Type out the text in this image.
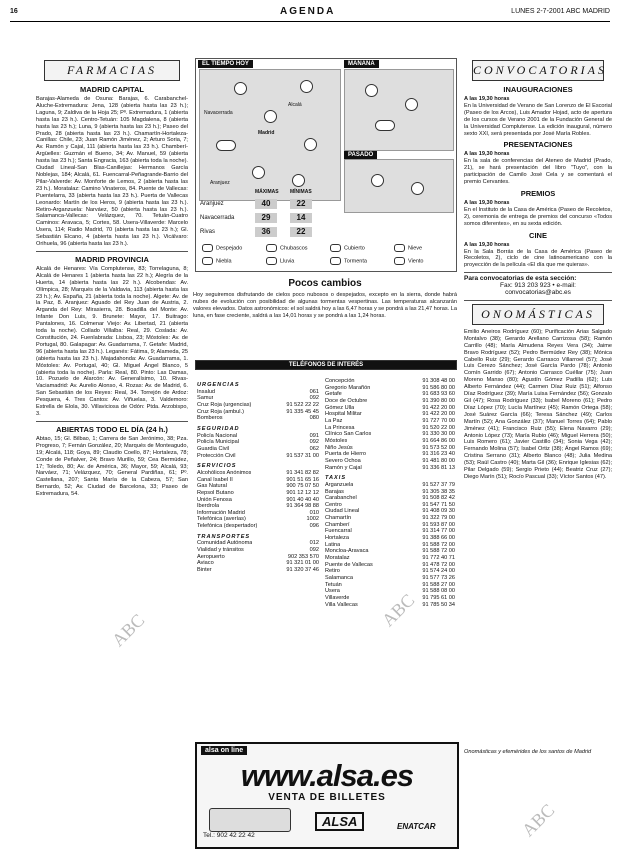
16	AGENDA	LUNES 2-7-2001 ABC MADRID
ABC	ABC
ABC
FARMACIAS
MADRID CAPITAL
Barajas-Alameda de Osuna: Barajas, 6. Carabanchel-Aluche-Extremadura: Jena, 128 (abierta hasta las 23 h.); Laguna, 9; Zaldiva de la Hoja 25; Pº. Extremadura, 1 (abierta hasta las 23 h.). Centro-Tetuán: 105 Magdalena, 8 (abierta hasta las 23 h.); Luna, 9 (abierta hasta las 23 h.); Paseo del Prado, 28 (abierta hasta las 23 h.). Chamartín-Hortaleza-Canillas: Chile, 23; Juan Ramón Jiménez, 2; Arturo Soria, 7; Av. Ramón y Cajal, 111 (abierta hasta las 23 h.). Chamberí-Argüelles: Guzmán el Bueno, 34; Av. Manuel, 59 (abierta hasta las 23 h.); Santa Engracia, 163 (abierta toda la noche). Ciudad Lineal-San Blas-Canillejas: Hermanos García Noblejas, 184; Alcalá, 61. Fuencarral-Peñagrande-Barrio del Pilar-Valverde: Av. Monforte de Lemos, 2 (abierta hasta las 23 h.). Moratalaz: Camino Vinateros, 84. Puente de Vallecas: Puentelarra, 33 (abierta hasta las 23 h.). Puerta de Vallecas Leonardo: Martín de los Heros, 9 (abierta hasta las 23 h.). Retiro-Arganzuela: Narváez, 50 (abierta hasta las 23 h.). Salamanca-Vallecas: Velázquez, 70. Tetuán-Cuatro Caminos: Aravaca, 5; Cortes, 58. Usera-Villaverde: Marcelo Usera, 114; Radio Madrid, 70 (abierta hasta las 23 h.); Gl. Sebastián Elcano, 4 (abierta hasta las 23 h.). Vicálvaro: Orihuela, 96 (abierta hasta las 23 h.).
MADRID PROVINCIA
Alcalá de Henares: Vía Complutense, 83; Torrelaguna, 8; Alcalá de Henares 1 (abierta hasta las 22 h.); Alegría de la Huerta, 14 (abierta hasta las 22 h.). Alcobendas: Av. Olímpica, 28; Marqués de la Valdavia, 113 (abierta hasta las 23 h.); Av. España, 21 (abierta toda la noche). Algete: Av. de la Paz, 8. Aranjuez: Aguado del Rey Juan de Austria, 2. Arganda del Rey: Mirasierra, 28. Boadilla del Monte: Av. Infante Don Luis, 9. Brunete: Mayor, 17. Buitrago: Pantalones, 16. Colmenar Viejo: Av. Libertad, 21 (abierta toda la noche). Collado Villalba: Real, 29. Coslada: Av. Constitución, 24. Fuenlabrada: Lisboa, 23; Móstoles: Av. de Portugal, 80. Galapagar: Av. Guadarrama, 7. Getafe: Madrid, 96 (abierta hasta las 23 h.). Leganés: Fátima, 9; Alameda, 25 (abierta hasta las 23 h.). Majadahonda: Av. Guadarrama, 1. Móstoles: Av. Portugal, 40; Gl. Miguel Ángel Blanco, 5 (abierta toda la noche). Parla: Real, 80. Pinto: Las Damas, 10. Pozuelo de Alarcón: Av. Generalísimo, 10. Rivas-Vaciamadrid: Av. Aurelio Alonso, 4. Rozas: Av. de Madrid, 6. San Sebastián de los Reyes: Real, 34. Torrejón de Ardoz: Pesquera, 4. Tres Cantos: Av. Viñuelas, 3. Valdemoro: Estrella de Elola, 30. Villaviciosa de Odón: Ptda. Arzobispo, 3.
ABIERTAS TODO EL DÍA (24 h.)
Abtao, 15; Gl. Bilbao, 1; Carrera de San Jerónimo, 38; Pza. Progreso, 7; Fernán González, 20; Marqués de Monteagudo, 19; Alcalá, 118; Goya, 89; Claudio Coello, 87; Hortaleza, 78; Conde de Peñalver, 24; Bravo Murillo, 59; Cea Bermúdez, 17; Toledo, 80; Av. de América, 36; Mayor, 59; Alcalá, 93; Narváez, 71; Velázquez, 70; General Pardiñas, 61; Pº. Castellana, 207; Santa María de la Cabeza, 57; San Bernardo, 52; Av. Ciudad de Barcelona, 33; Paseo de Extremadura, 54.
Madrid
Navacerrada
Aranjuez
Alcalá
EL TIEMPO HOY	MAÑANA
PASADO
MÁXIMAS MÍNIMAS
Aranjuez	40	22
Navacerrada	29	14
Rivas	36	22
Despejado	Chubascos	Cubierto	Nieve
Niebla	Lluvia	Tormenta	Viento
Pocos cambios
Hoy seguiremos disfrutando de cielos poco nubosos o despejados, excepto en la sierra, donde habrá nubes de evolución con posibilidad de algunas tormentas vespertinas. Las temperaturas alcanzarán valores elevados. Datos astronómicos: el sol saldrá hoy a las 6,47 horas y se pondrá a las 21,47 horas. La luna, en fase creciente, saldrá a las 14,01 horas y se pondrá a las 1,24 horas.
TELÉFONOS DE INTERÉS
URGENCIAS
Insalud	061
Samur	092
Cruz Roja (urgencias)	91 522 22 22
Cruz Roja (ambul.)	91 335 45 45
Bomberos	080
SEGURIDAD
Policía Nacional	091
Policía Municipal	092
Guardia Civil	062
Protección Civil	91 537 31 00
SERVICIOS
Alcohólicos Anónimos	91 341 82 82
Canal Isabel II	901 51 65 16
Gas Natural	900 75 07 50
Repsol Butano	901 12 12 12
Unión Fenosa	901 40 40 40
Iberdrola	91 364 98 88
Información Madrid	010
Telefónica (averías)	1002
Telefónica (despertador)	096
TRANSPORTES
Comunidad Autónoma	012
Vialidad y tránsitos	092
Aeropuerto	902 353 570
Aviaco	91 321 01 00
Binter	91 320 37 46
Concepción	91 308 48 00
Gregorio Marañón	91 586 80 00
Getafe	91 683 93 60
Doce de Octubre	91 390 80 00
Gómez Ulla	91 422 20 00
Hospital Militar	91 422 20 00
La Paz	91 727 70 00
La Princesa	91 520 22 00
Clínico San Carlos	91 330 30 00
Móstoles	91 664 86 00
Niño Jesús	91 573 52 00
Puerta de Hierro	91 316 23 40
Severo Ochoa	91 481 80 00
Ramón y Cajal	91 336 81 13
TAXIS
Arganzuela	91 527 37 79
Barajas	91 305 38 35
Carabanchel	91 508 82 42
Centro	91 547 71 50
Ciudad Lineal	91 408 09 30
Chamartín	91 322 79 00
Chamberí	91 593 87 00
Fuencarral	91 314 77 00
Hortaleza	91 388 66 00
Latina	91 588 72 00
Moncloa-Aravaca	91 588 72 00
Moratalaz	91 772 40 71
Puente de Vallecas	91 478 72 00
Retiro	91 574 24 00
Salamanca	91 577 73 26
Tetuán	91 588 27 00
Usera	91 588 08 00
Villaverde	91 795 61 00
Villa Vallecas	91 785 50 34
alsa on line
www.alsa.es
VENTA DE BILLETES
Tel.: 902 42 22 42
ALSA	ENATCAR
CONVOCATORIAS
INAUGURACIONES
A las 19,30 horas
En la Universidad de Verano de San Lorenzo de El Escorial (Paseo de los Arcos), Luis Amador Hojad, acto de apertura de los cursos de Verano 2001 de la Fundación General de la Universidad Complutense. La edición inaugural, número sexto XXI, será presentada por José María Robles.
PRESENTACIONES
A las 19,30 horas
En la sala de conferencias del Ateneo de Madrid (Prado, 21), se hará presentación del libro "Tuyo", con la participación de Camilo José Cela y se comentará el premio Cervantes.
PREMIOS
A las 19,30 horas
En el Instituto de la Casa de América (Paseo de Recoletos, 2), ceremonia de entrega de premios del concurso «Todos somos diferentes», en su sexta edición.
CINE
A las 19,30 horas
En la Sala Borrás de la Casa de América (Paseo de Recoletos, 2), ciclo de cine latinoamericano con la proyección de la película «El día que me quieras».
Para convocatorias de esta sección:
Fax: 913 203 923 • e-mail:
convocatorias@abc.es
ONOMÁSTICAS
Emilio Aneiros Rodríguez (60); Purificación Arias Salgado Montalvo (38); Gerardo Arellano Carrizosa (58); Ramón Carrillo (48); María Almudena Reyes Vera (34); Jaime Bravo Rodríguez (52); Pedro Bermúdez Rey (38); Mónica Cabello Ruiz (29); Gerardo Carrasco Villarroel (57); José Luis Cerezo Sánchez; José García Pardo (78); Antonio Comín Garrido (67); Antonio Carrasco Cuéllar (75); Juan Moreno Manso (80); Agustín Gómez Padilla (62); Luis Alberto Fernández (44); Carmen Díaz Ruiz (51); Alfonso Díaz Rodríguez (39); María Luisa Fernández (56); Gonzalo Gil (47); Rosa Rodríguez (33); Isabel Moreno (61); Pedro Díaz López (70); Lucía Martínez (45); Ramón Ortega (58); José Suárez García (66); Teresa Sánchez (49); Carlos Martín (52); Ana González (37); Manuel Torres (64); Pablo Jiménez (41); Francisco Ruiz (55); Elena Navarro (29); Antonio López (73); María Rubio (46); Miguel Herrera (50); Luis Romero (61); Javier Castillo (34); Sonia Vega (42); Fernando Molina (57); Isabel Ortiz (38); Ángel Ramos (69); Cristina Serrano (31); Alberto Blanco (48); Julia Medina (53); Raúl Castro (40); Marta Gil (36); Enrique Iglesias (62); Pilar Delgado (59); Sergio Prieto (44); Beatriz Cruz (27); Diego Marín (51); Rocío Pascual (33); Víctor Santos (47).
Onomásticas y efemérides de los santos de Madrid
